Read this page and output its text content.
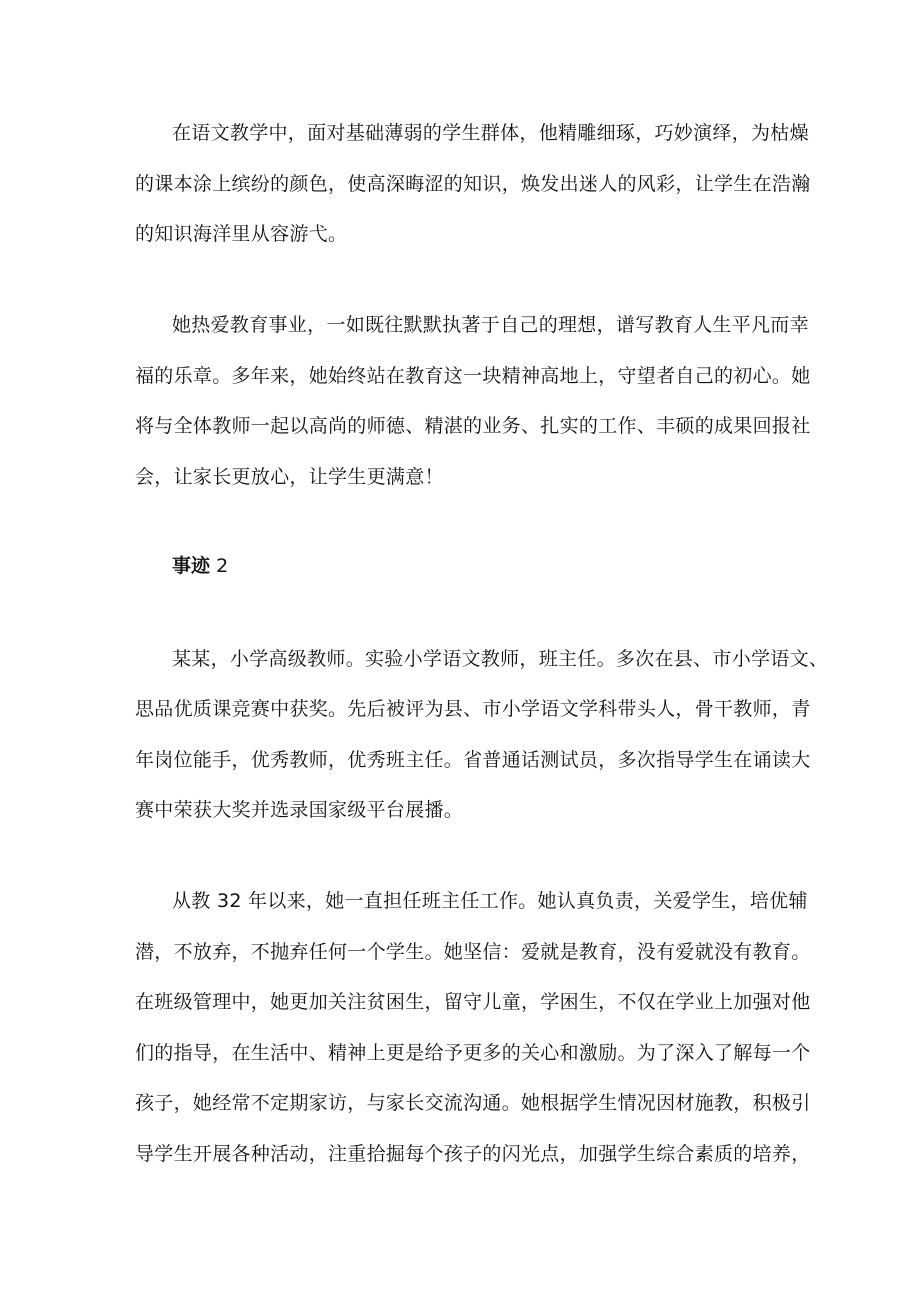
在语文教学中，面对基础薄弱的学生群体，他精雕细琢，巧妙演绎，为枯燥
的课本涂上缤纷的颜色，使高深晦涩的知识，焕发出迷人的风彩，让学生在浩瀚
的知识海洋里从容游弋。
她热爱教育事业，一如既往默默执著于自己的理想，谱写教育人生平凡而幸
福的乐章。多年来，她始终站在教育这一块精神高地上，守望者自己的初心。她
将与全体教师一起以高尚的师德、精湛的业务、扎实的工作、丰硕的成果回报社
会，让家长更放心，让学生更满意！
事迹 2
某某，小学高级教师。实验小学语文教师，班主任。多次在县、市小学语文、
思品优质课竞赛中获奖。先后被评为县、市小学语文学科带头人，骨干教师，青
年岗位能手，优秀教师，优秀班主任。省普通话测试员，多次指导学生在诵读大
赛中荣获大奖并选录国家级平台展播。
从教 32 年以来，她一直担任班主任工作。她认真负责，关爱学生，培优辅
潜，不放弃，不抛弃任何一个学生。她坚信：爱就是教育，没有爱就没有教育。
在班级管理中，她更加关注贫困生，留守儿童，学困生，不仅在学业上加强对他
们的指导，在生活中、精神上更是给予更多的关心和激励。为了深入了解每一个
孩子，她经常不定期家访，与家长交流沟通。她根据学生情况因材施教，积极引
导学生开展各种活动，注重拾掘每个孩子的闪光点，加强学生综合素质的培养，
